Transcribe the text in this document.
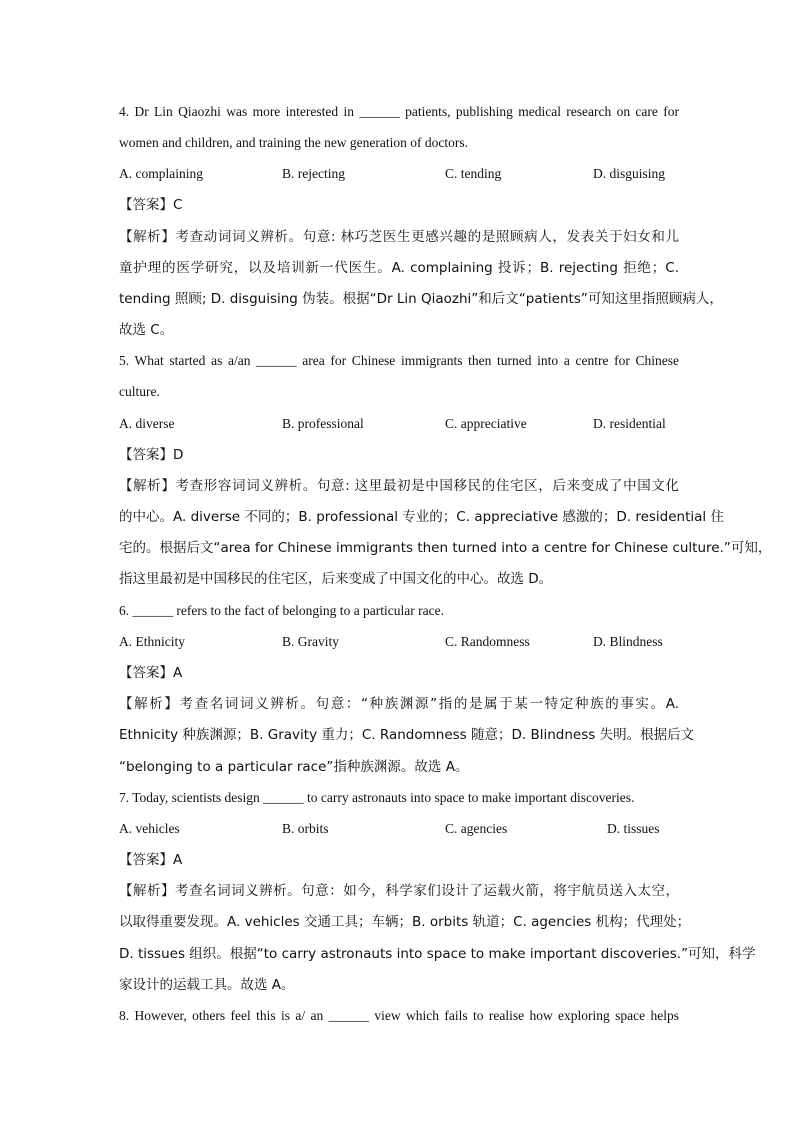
4. Dr Lin Qiaozhi was more interested in ______ patients, publishing medical research on care for
women and children, and training the new generation of doctors.
A. complaining	B. rejecting	C. tending	D. disguising
【答案】C
【解析】考查动词词义辨析。句意: 林巧芝医生更感兴趣的是照顾病人，发表关于妇女和儿
童护理的医学研究，以及培训新一代医生。A. complaining 投诉；B. rejecting 拒绝；C.
tending 照顾; D. disguising 伪装。根据“Dr Lin Qiaozhi”和后文“patients”可知这里指照顾病人，
故选 C。
5. What started as a/an ______ area for Chinese immigrants then turned into a centre for Chinese
culture.
A. diverse	B. professional	C. appreciative	D. residential
【答案】D
【解析】考查形容词词义辨析。句意: 这里最初是中国移民的住宅区，后来变成了中国文化
的中心。A. diverse 不同的；B. professional 专业的；C. appreciative 感激的；D. residential 住
宅的。根据后文“area for Chinese immigrants then turned into a centre for Chinese culture.”可知，
指这里最初是中国移民的住宅区，后来变成了中国文化的中心。故选 D。
6. ______ refers to the fact of belonging to a particular race.
A. Ethnicity	B. Gravity	C. Randomness	D. Blindness
【答案】A
【解析】考查名词词义辨析。句意：“种族渊源”指的是属于某一特定种族的事实。A.
Ethnicity 种族渊源；B. Gravity 重力；C. Randomness 随意；D. Blindness 失明。根据后文
“belonging to a particular race”指种族渊源。故选 A。
7. Today, scientists design ______ to carry astronauts into space to make important discoveries.
A. vehicles	B. orbits	C. agencies	D. tissues
【答案】A
【解析】考查名词词义辨析。句意：如今，科学家们设计了运载火箭，将宇航员送入太空，
以取得重要发现。A. vehicles 交通工具；车辆；B. orbits 轨道；C. agencies 机构；代理处；
D. tissues 组织。根据“to carry astronauts into space to make important discoveries.”可知，科学
家设计的运载工具。故选 A。
8. However, others feel this is a/ an ______ view which fails to realise how exploring space helps
